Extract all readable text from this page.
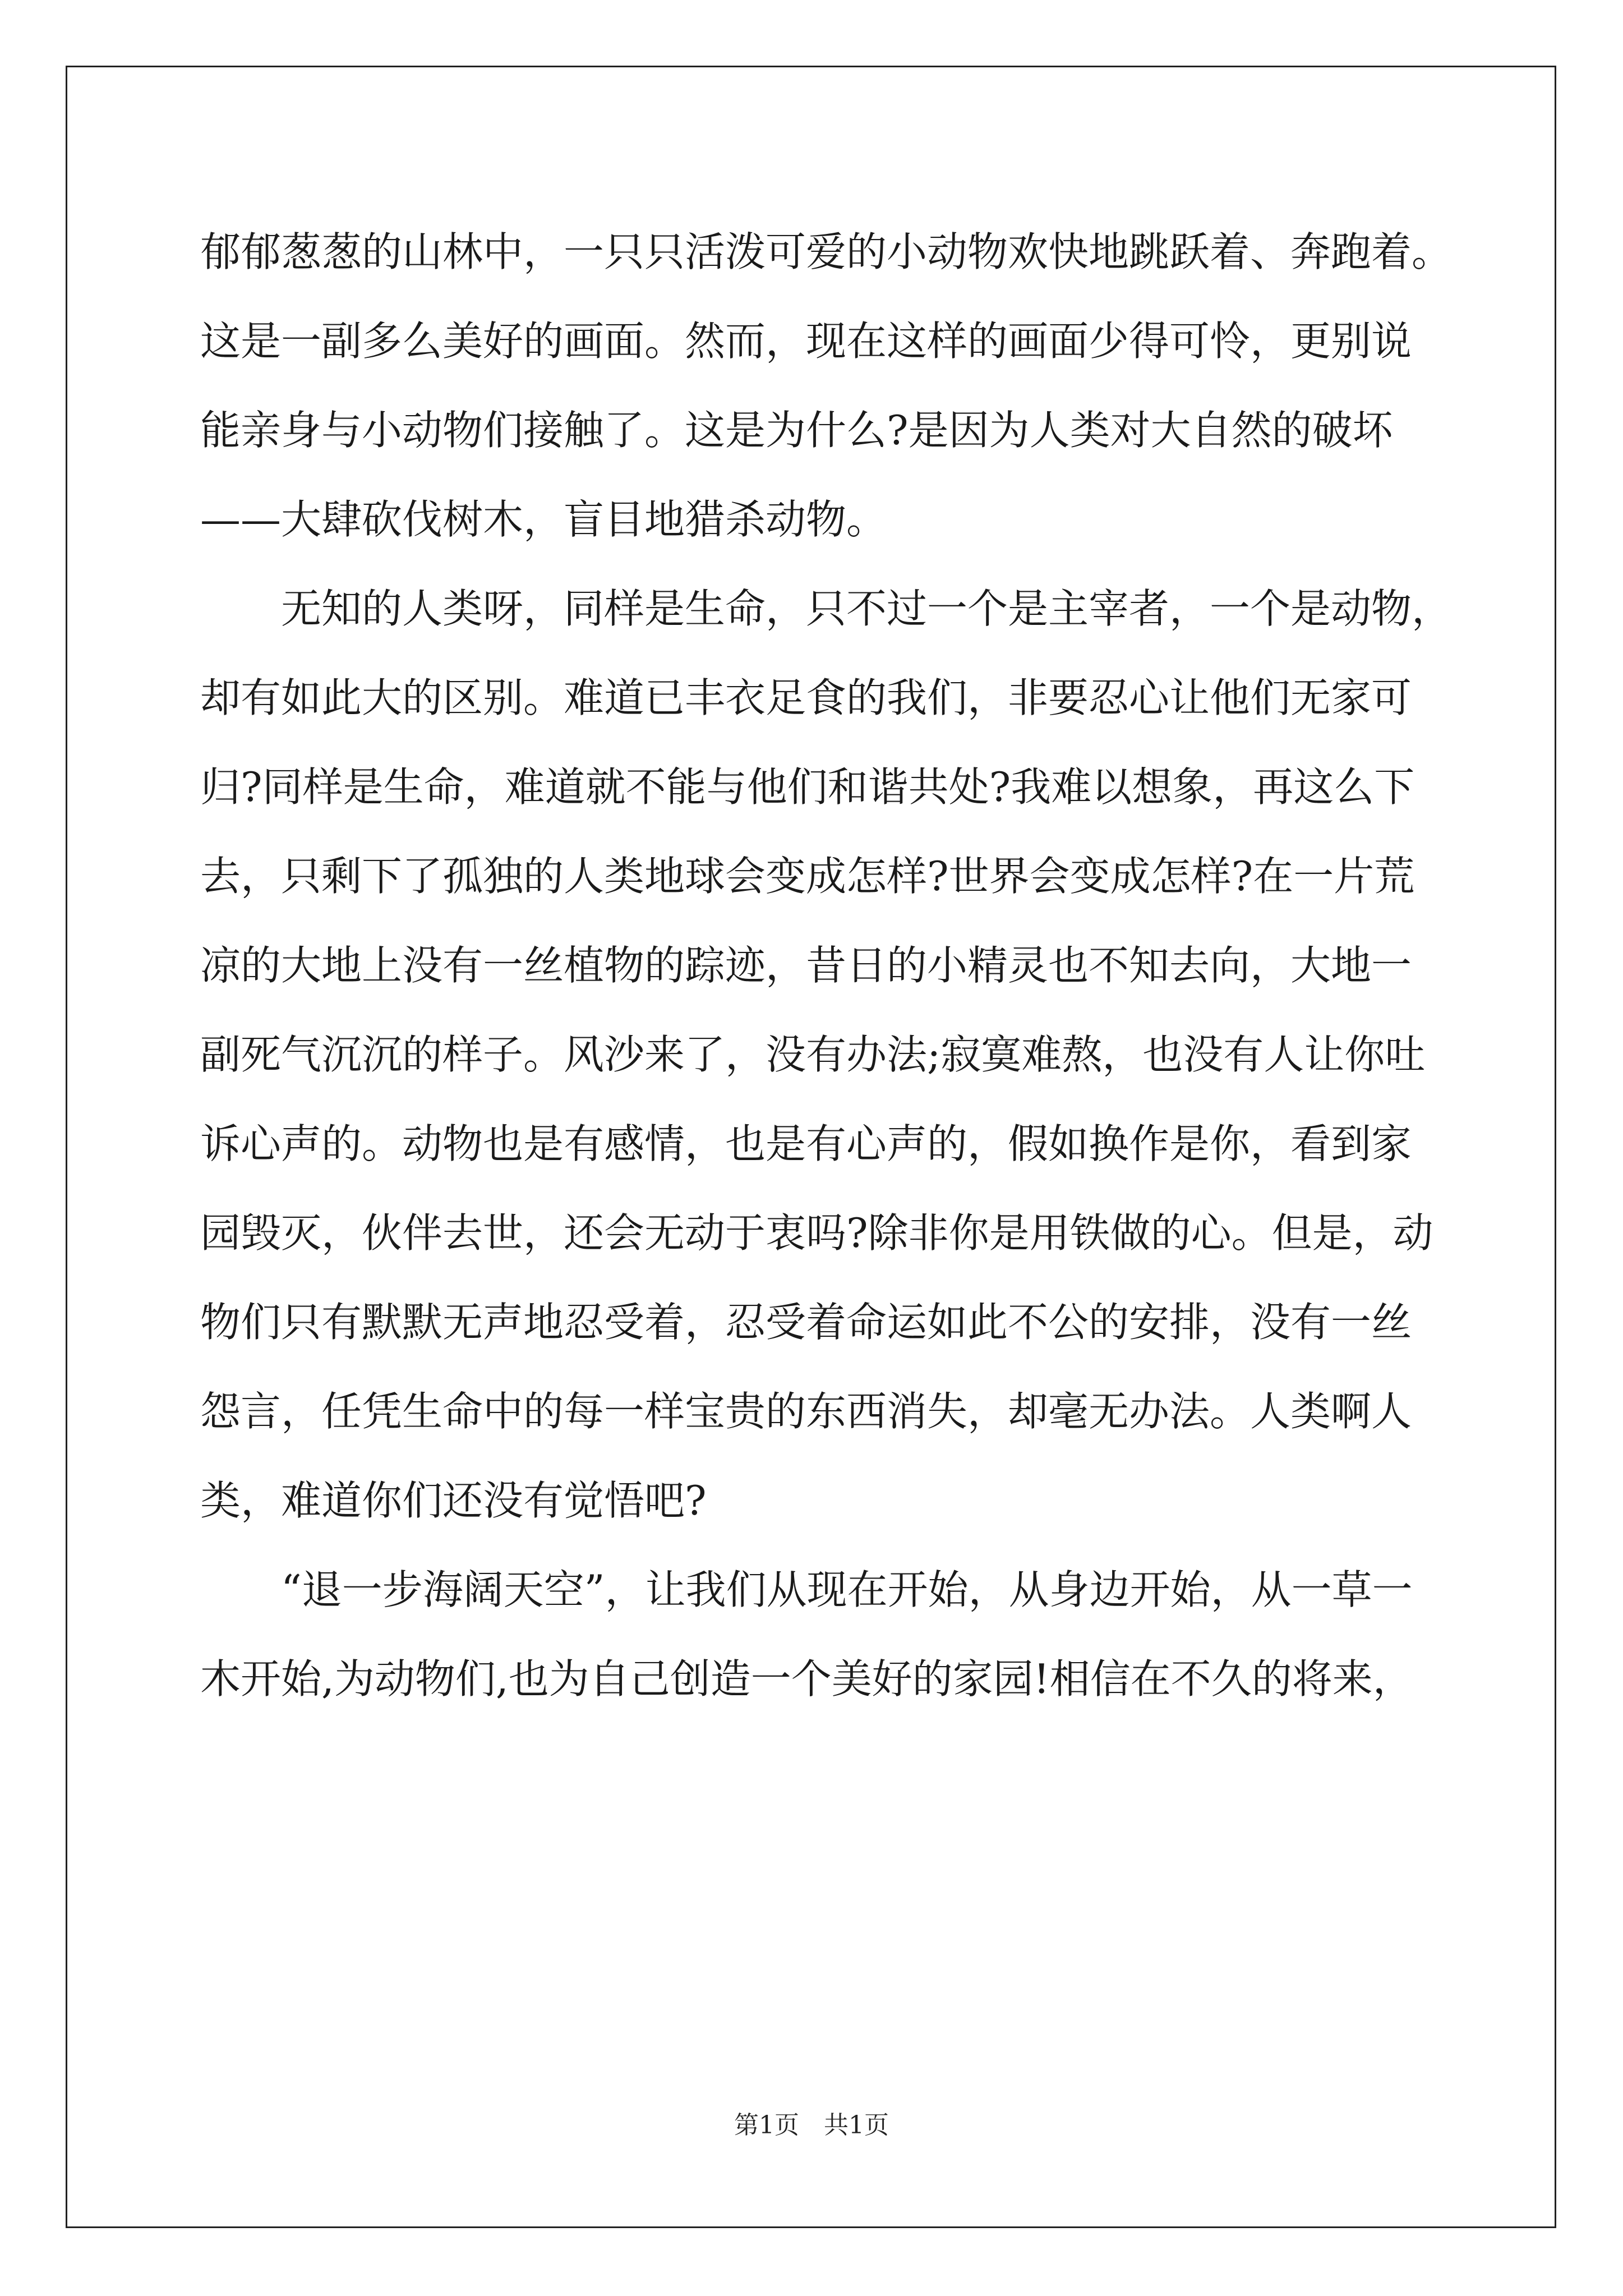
郁郁葱葱的山林中，一只只活泼可爱的小动物欢快地跳跃着、奔跑着。
这是一副多么美好的画面。然而，现在这样的画面少得可怜，更别说
能亲身与小动物们接触了。这是为什么?是因为人类对大自然的破坏
——大肆砍伐树木，盲目地猎杀动物。
　　无知的人类呀，同样是生命，只不过一个是主宰者，一个是动物，
却有如此大的区别。难道已丰衣足食的我们，非要忍心让他们无家可
归?同样是生命，难道就不能与他们和谐共处?我难以想象，再这么下
去，只剩下了孤独的人类地球会变成怎样?世界会变成怎样?在一片荒
凉的大地上没有一丝植物的踪迹，昔日的小精灵也不知去向，大地一
副死气沉沉的样子。风沙来了，没有办法;寂寞难熬，也没有人让你吐
诉心声的。动物也是有感情，也是有心声的，假如换作是你，看到家
园毁灭，伙伴去世，还会无动于衷吗?除非你是用铁做的心。但是，动
物们只有默默无声地忍受着，忍受着命运如此不公的安排，没有一丝
怨言，任凭生命中的每一样宝贵的东西消失，却毫无办法。人类啊人
类，难道你们还没有觉悟吧?
　　“退一步海阔天空”，让我们从现在开始，从身边开始，从一草一
木开始,为动物们,也为自己创造一个美好的家园!相信在不久的将来，
第1页　共1页
